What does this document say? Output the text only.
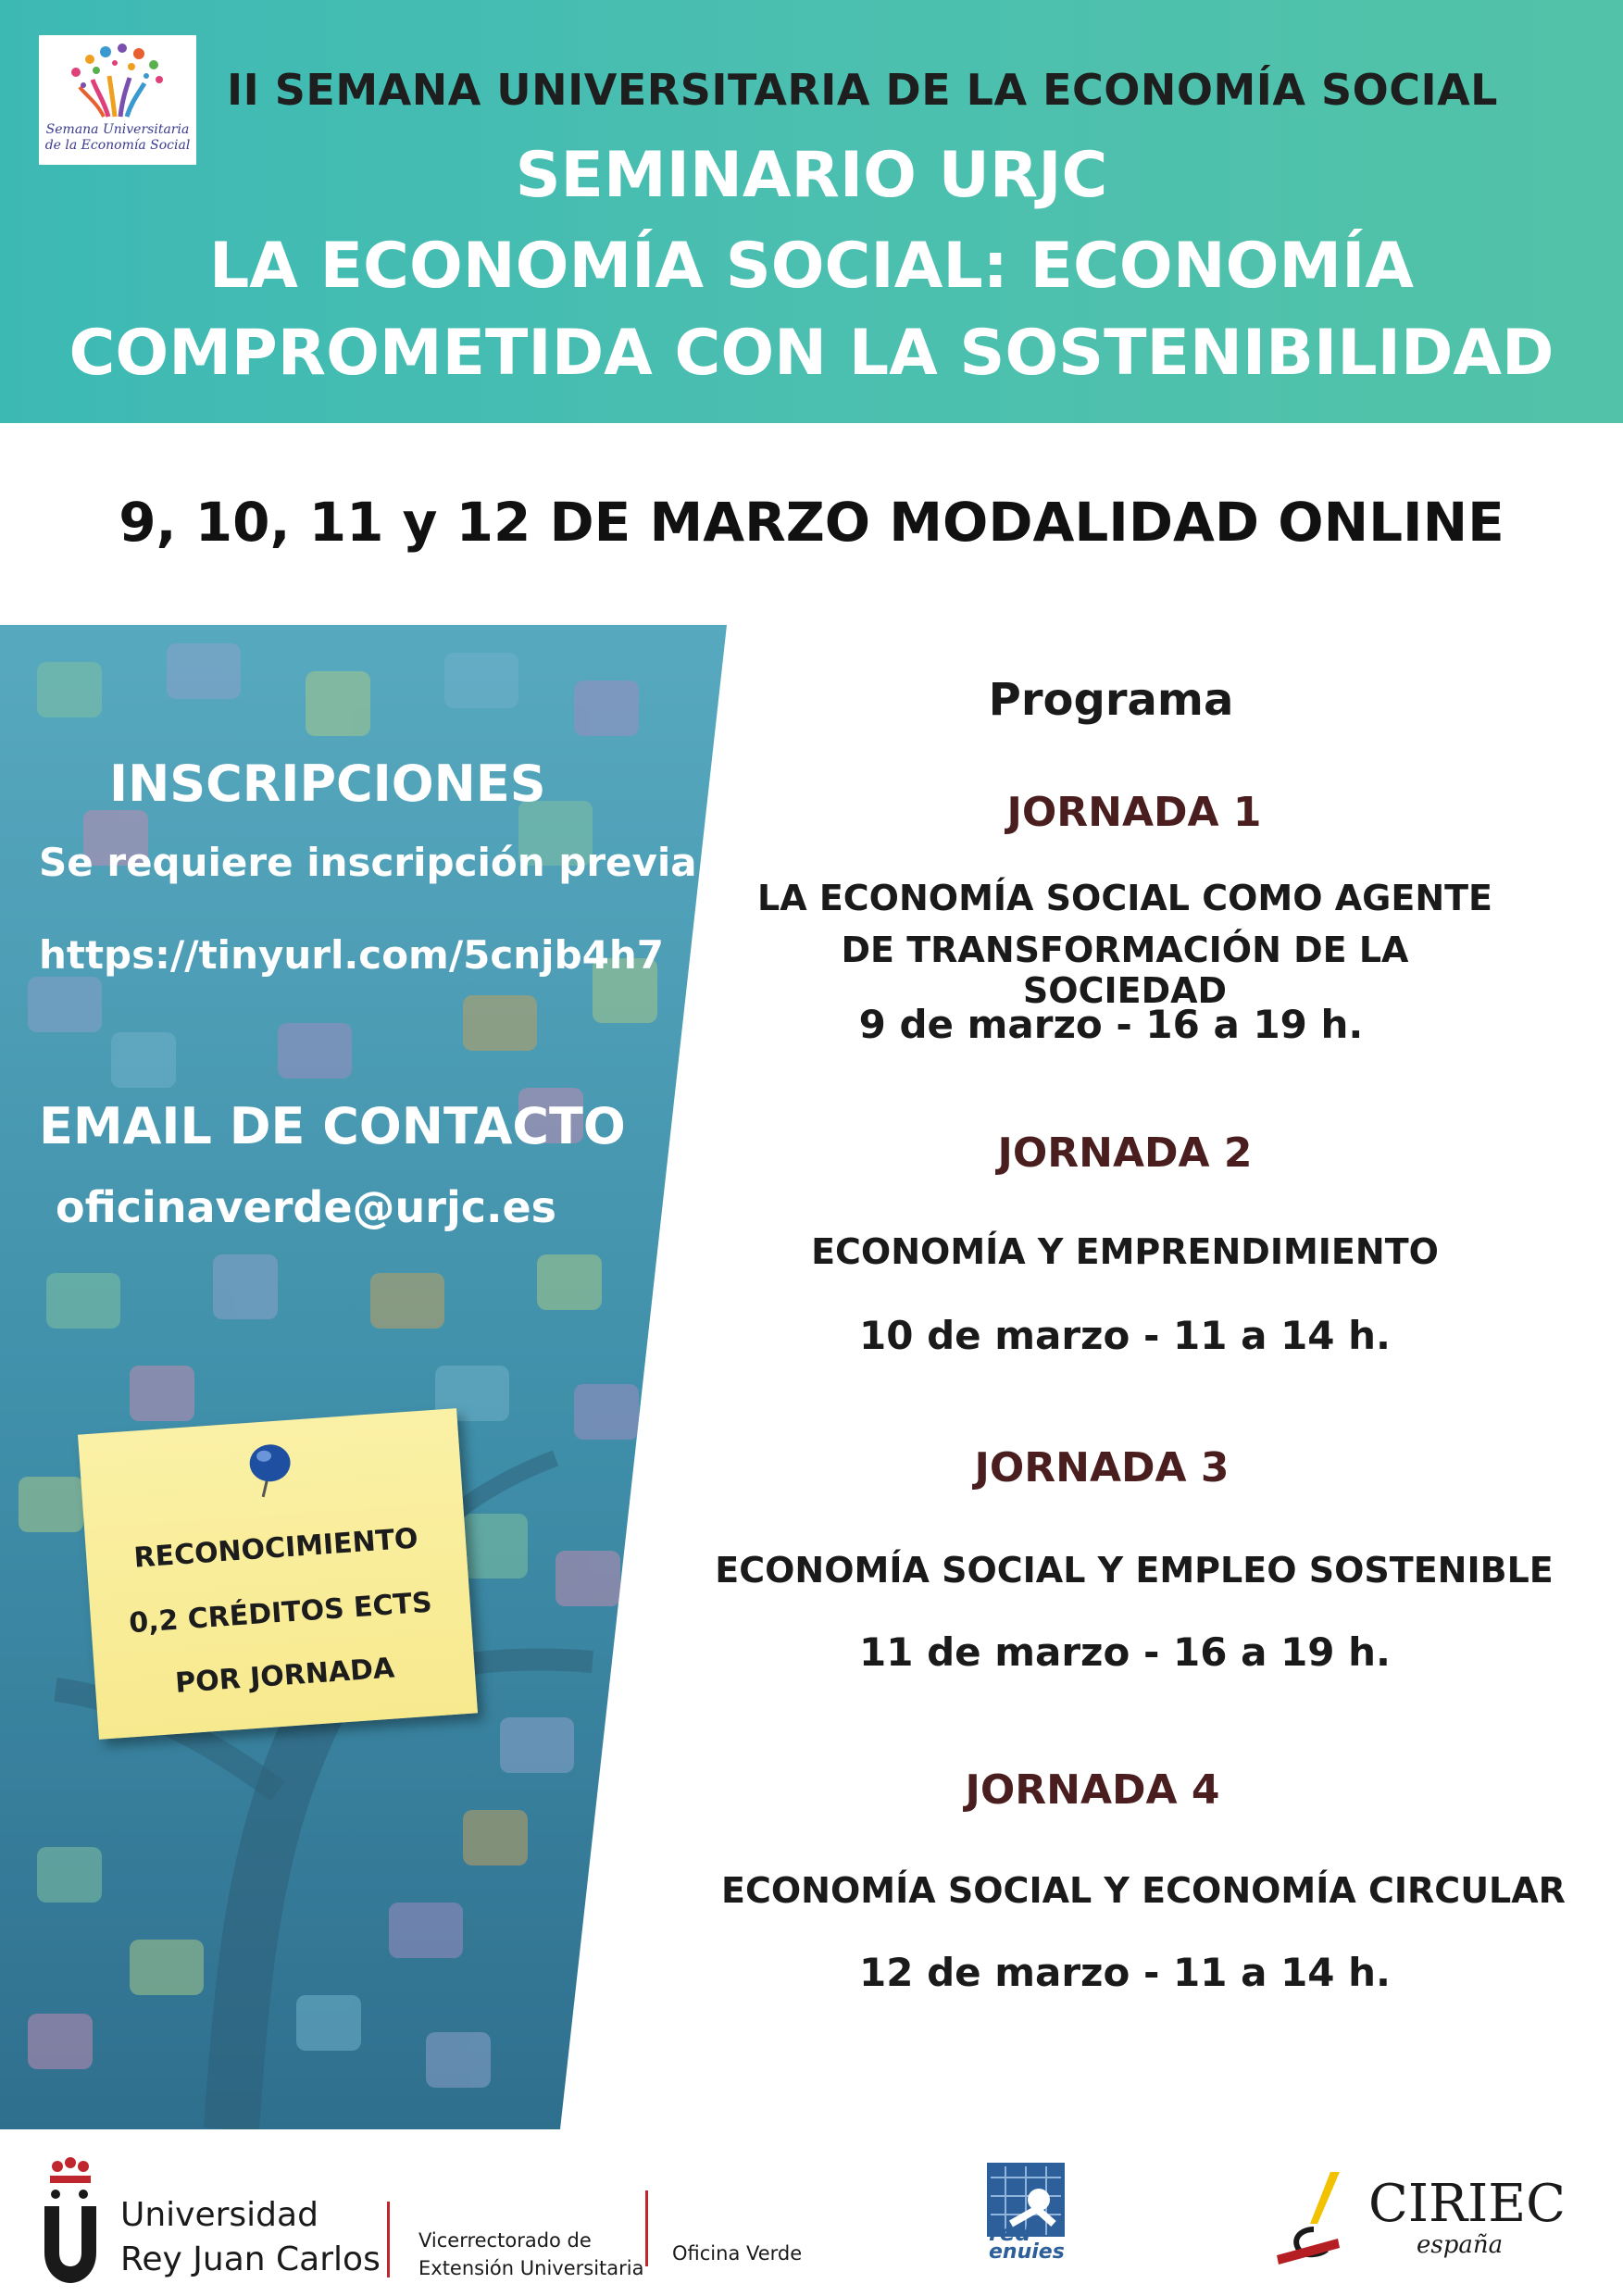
Semana Universitaria
de la Economía Social
II SEMANA UNIVERSITARIA DE LA ECONOMÍA SOCIAL
SEMINARIO URJC
LA ECONOMÍA SOCIAL: ECONOMÍA
COMPROMETIDA CON LA SOSTENIBILIDAD
9, 10, 11 y 12 DE MARZO MODALIDAD ONLINE
INSCRIPCIONES
Se requiere inscripción previa
https://tinyurl.com/5cnjb4h7
EMAIL DE CONTACTO
oficinaverde@urjc.es
RECONOCIMIENTO
0,2 CRÉDITOS ECTS
POR JORNADA
Programa
JORNADA 1
LA ECONOMÍA SOCIAL COMO AGENTE
DE TRANSFORMACIÓN DE LA SOCIEDAD
9 de marzo - 16 a 19 h.
JORNADA 2
ECONOMÍA Y EMPRENDIMIENTO
10 de marzo - 11 a 14 h.
JORNADA 3
ECONOMÍA SOCIAL Y EMPLEO SOSTENIBLE
11 de marzo - 16 a 19 h.
JORNADA 4
ECONOMÍA SOCIAL Y ECONOMÍA CIRCULAR
12 de marzo - 11 a 14 h.
Universidad
Rey Juan Carlos Vicerrectorado de
Extensión Universitaria
Oficina Verde
red
enuies
CIRIEC
españa
